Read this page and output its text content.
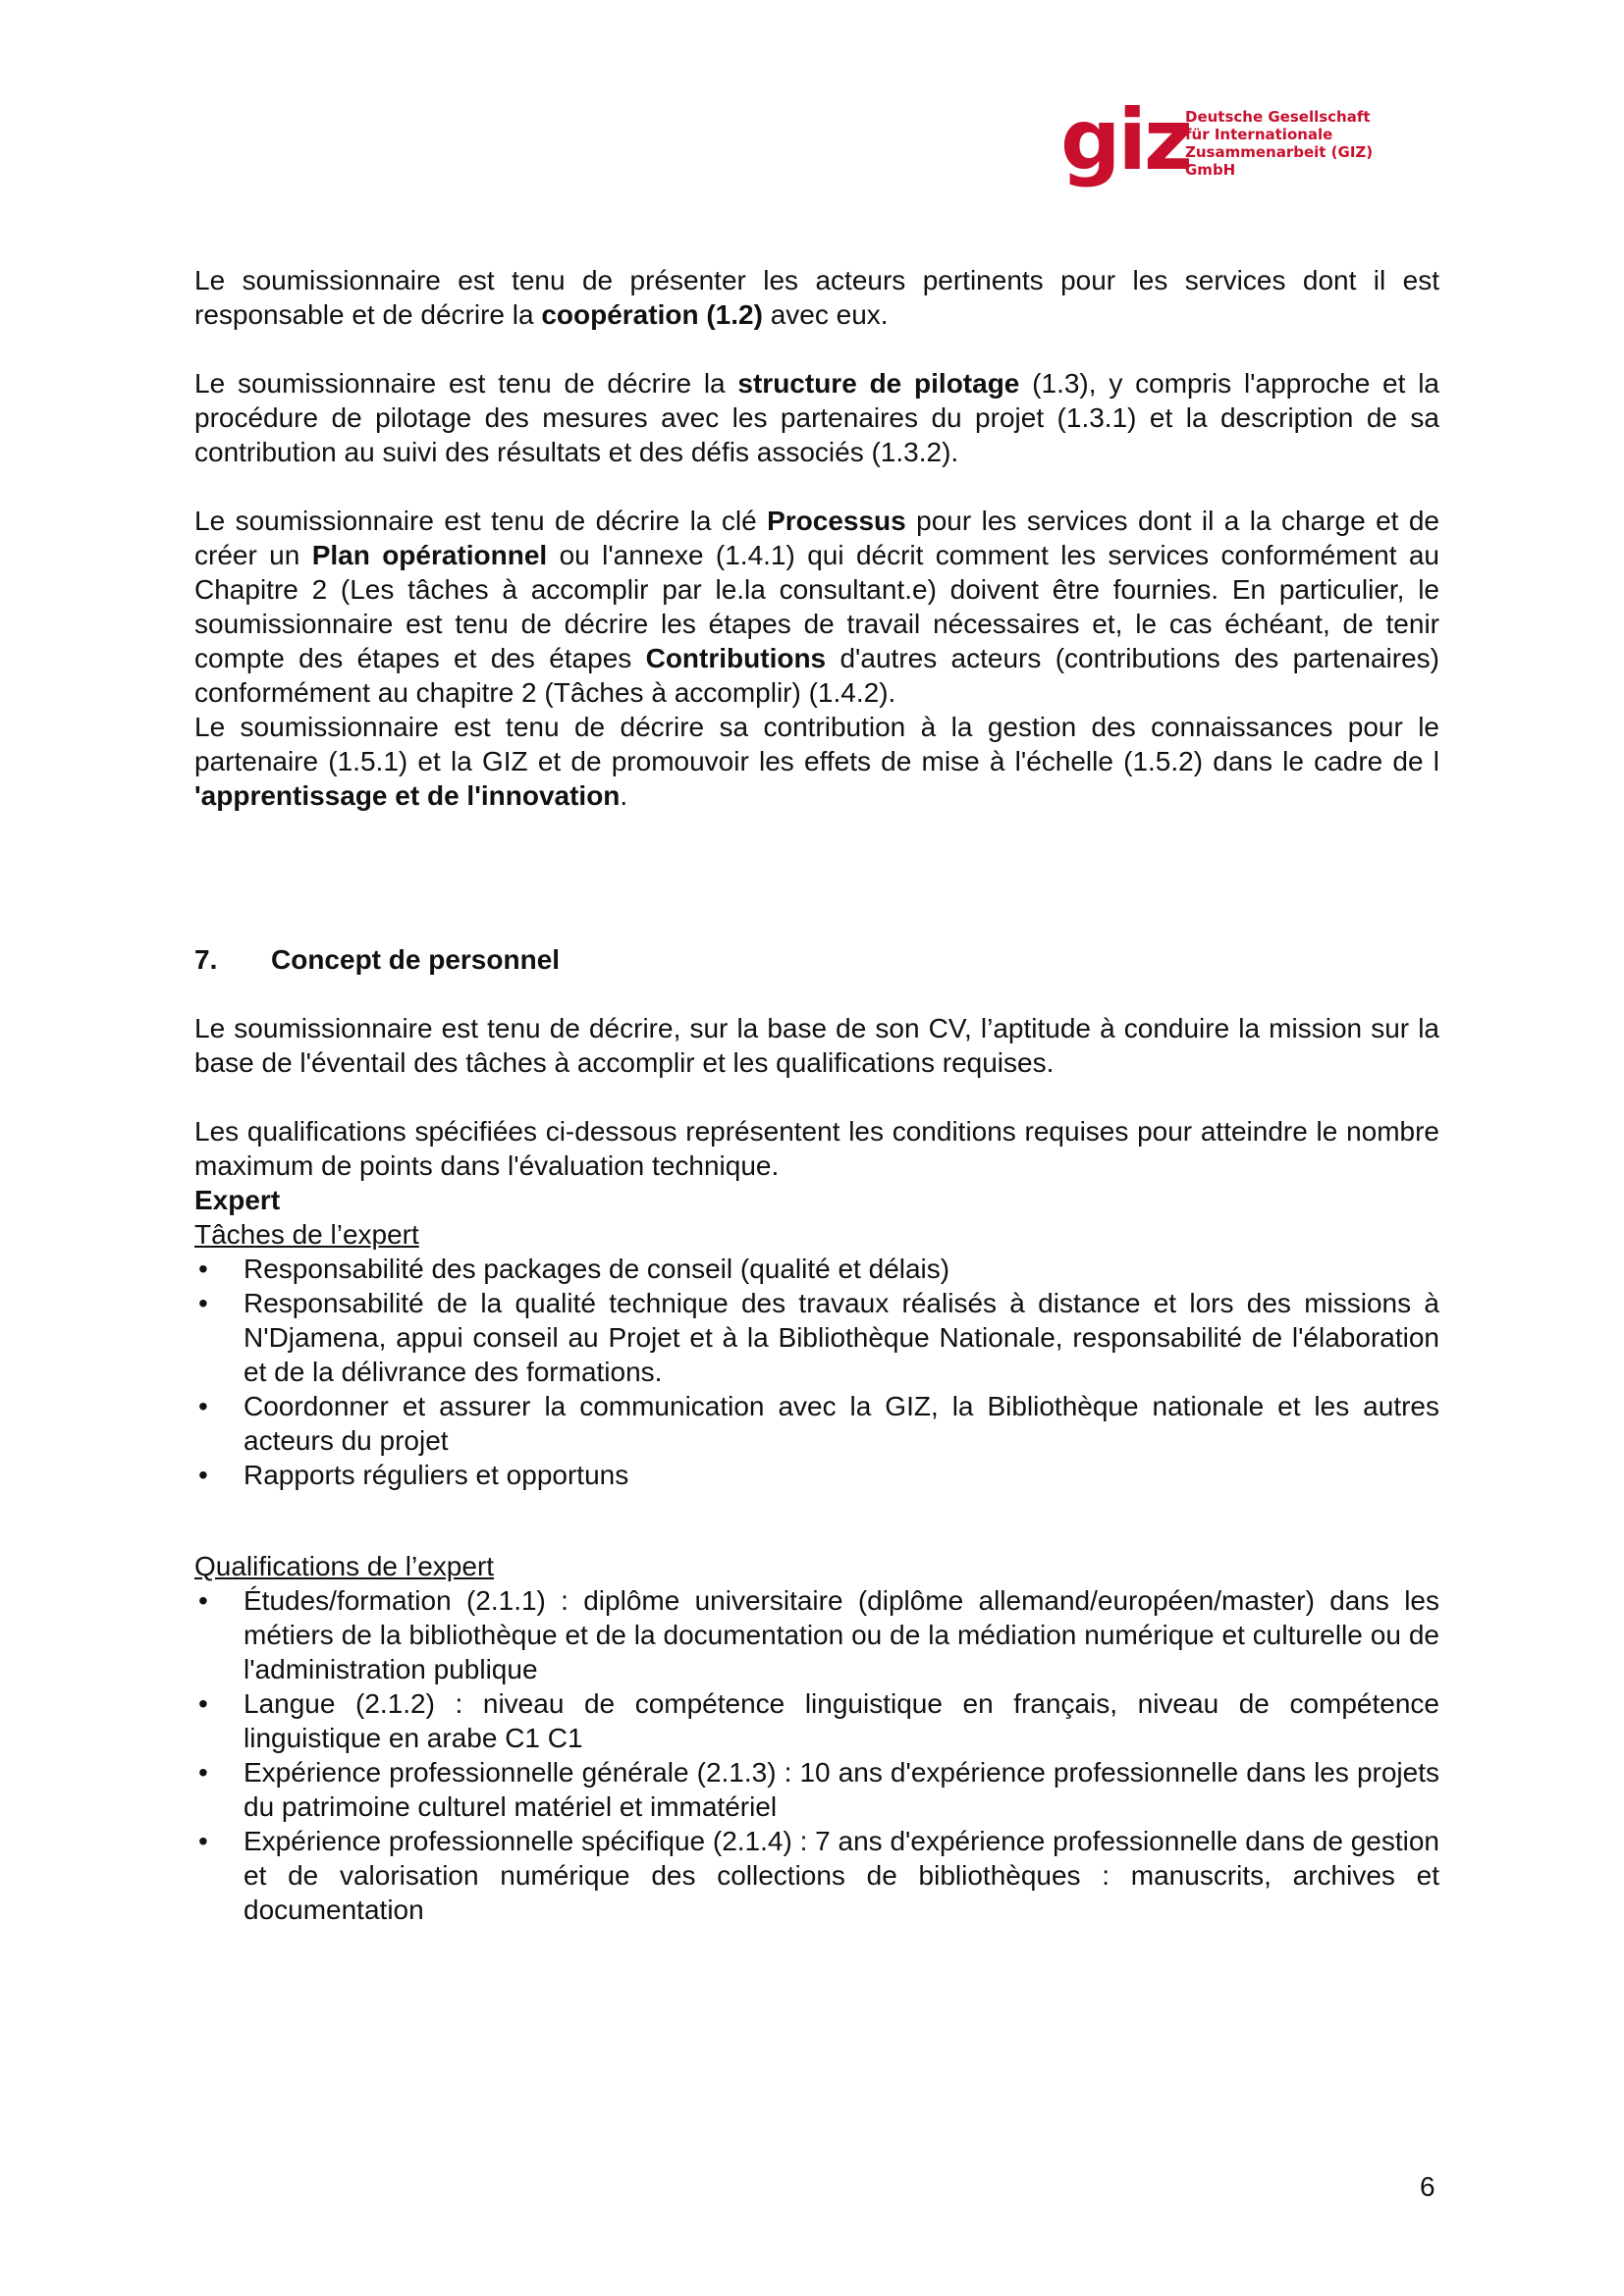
giz
Deutsche Gesellschaft
für Internationale
Zusammenarbeit (GIZ) GmbH

Le soumissionnaire est tenu de présenter les acteurs pertinents pour les services dont il est responsable et de décrire la coopération (1.2) avec eux.

Le soumissionnaire est tenu de décrire la structure de pilotage (1.3), y compris l'approche et la procédure de pilotage des mesures avec les partenaires du projet (1.3.1) et la description de sa contribution au suivi des résultats et des défis associés (1.3.2).

Le soumissionnaire est tenu de décrire la clé Processus pour les services dont il a la charge et de créer un Plan opérationnel ou l'annexe (1.4.1) qui décrit comment les services conformément au Chapitre 2 (Les tâches à accomplir par le.la consultant.e) doivent être fournies. En particulier, le soumissionnaire est tenu de décrire les étapes de travail nécessaires et, le cas échéant, de tenir compte des étapes et des étapes Contributions d'autres acteurs (contributions des partenaires) conformément au chapitre 2 (Tâches à accomplir) (1.4.2).

Le soumissionnaire est tenu de décrire sa contribution à la gestion des connaissances pour le partenaire (1.5.1) et la GIZ et de promouvoir les effets de mise à l'échelle (1.5.2) dans le cadre de l 'apprentissage et de l'innovation.

7. Concept de personnel

Le soumissionnaire est tenu de décrire, sur la base de son CV, l’aptitude à conduire la mission sur la base de l'éventail des tâches à accomplir et les qualifications requises.

Les qualifications spécifiées ci-dessous représentent les conditions requises pour atteindre le nombre maximum de points dans l'évaluation technique.

Expert

Tâches de l’expert

• Responsabilité des packages de conseil (qualité et délais)
• Responsabilité de la qualité technique des travaux réalisés à distance et lors des missions à N'Djamena, appui conseil au Projet et à la Bibliothèque Nationale, responsabilité de l'élaboration et de la délivrance des formations.
• Coordonner et assurer la communication avec la GIZ, la Bibliothèque nationale et les autres acteurs du projet
• Rapports réguliers et opportuns

Qualifications de l’expert

• Études/formation (2.1.1) : diplôme universitaire (diplôme allemand/européen/master) dans les métiers de la bibliothèque et de la documentation ou de la médiation numérique et culturelle ou de l'administration publique
• Langue (2.1.2) : niveau de compétence linguistique en français, niveau de compétence linguistique en arabe C1 C1
• Expérience professionnelle générale (2.1.3) : 10 ans d'expérience professionnelle dans les projets du patrimoine culturel matériel et immatériel
• Expérience professionnelle spécifique (2.1.4) : 7 ans d'expérience professionnelle dans de gestion et de valorisation numérique des collections de bibliothèques : manuscrits, archives et documentation
6
